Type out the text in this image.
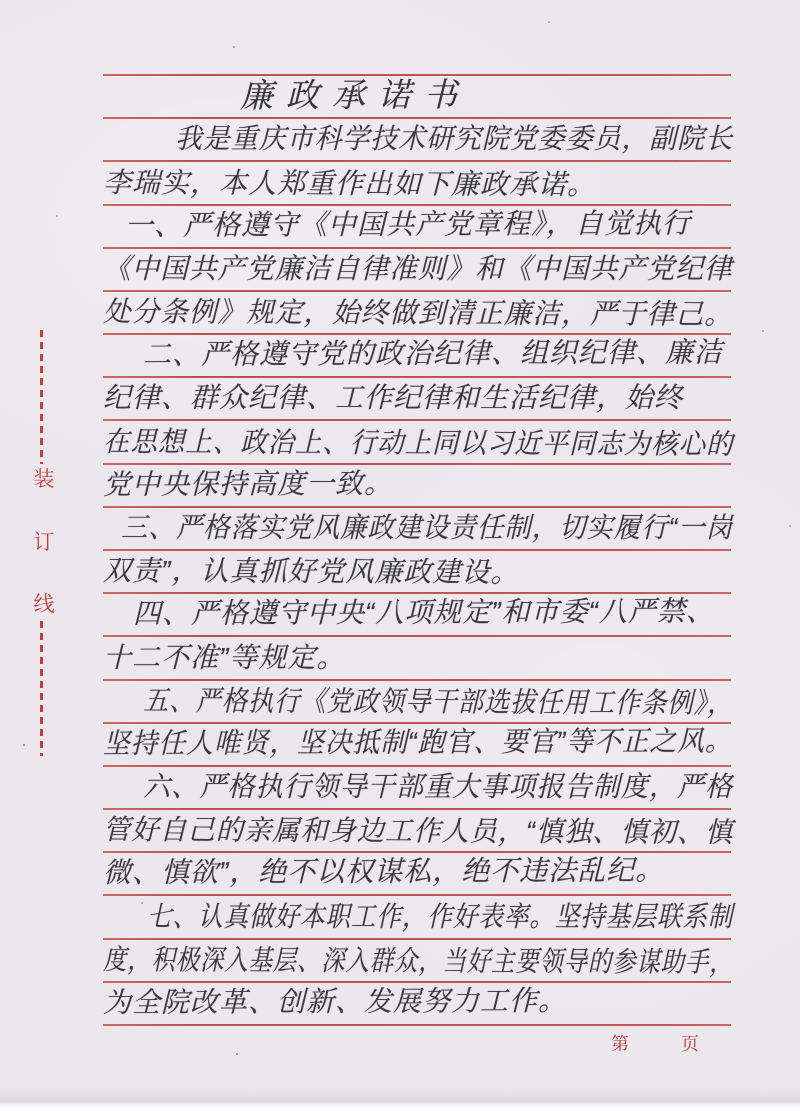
装
订
线
廉政承诺书
我是重庆市科学技术研究院党委委员，副院长
李瑞实，本人郑重作出如下廉政承诺。
一、严格遵守《中国共产党章程》，自觉执行
《中国共产党廉洁自律准则》和《中国共产党纪律
处分条例》规定，始终做到清正廉洁，严于律己。
二、严格遵守党的政治纪律、组织纪律、廉洁
纪律、群众纪律、工作纪律和生活纪律，始终
在思想上、政治上、行动上同以习近平同志为核心的
党中央保持高度一致。
三、严格落实党风廉政建设责任制，切实履行“一岗
双责”，认真抓好党风廉政建设。
四、严格遵守中央“八项规定”和市委“八严禁、
十二不准”等规定。
五、严格执行《党政领导干部选拔任用工作条例》，
坚持任人唯贤，坚决抵制“跑官、要官”等不正之风。
六、严格执行领导干部重大事项报告制度，严格
管好自己的亲属和身边工作人员，“慎独、慎初、慎
微、慎欲”，绝不以权谋私，绝不违法乱纪。
七、认真做好本职工作，作好表率。坚持基层联系制
度，积极深入基层、深入群众，当好主要领导的参谋助手，
为全院改革、创新、发展努力工作。
第	页
